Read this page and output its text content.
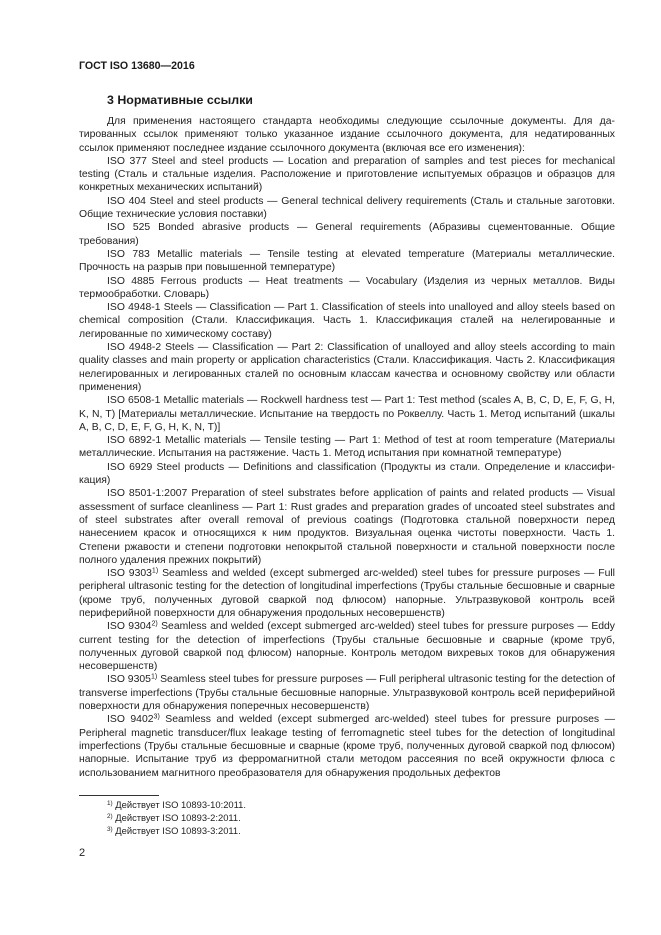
ГОСТ ISO 13680—2016
3 Нормативные ссылки

Для применения настоящего стандарта необходимы следующие ссылочные документы. Для датированных ссылок применяют только указанное издание ссылочного документа, для недатированных ссылок применяют последнее издание ссылочного документа (включая все его изменения):

ISO 377 Steel and steel products — Location and preparation of samples and test pieces for mechanical testing (Сталь и стальные изделия. Расположение и приготовление испытуемых образцов и образцов для конкретных механических испытаний)

ISO 404 Steel and steel products — General technical delivery requirements (Сталь и стальные заготовки. Общие технические условия поставки)

ISO 525 Bonded abrasive products — General requirements (Абразивы сцементованные. Общие требования)

ISO 783 Metallic materials — Tensile testing at elevated temperature (Материалы металлические. Прочность на разрыв при повышенной температуре)

ISO 4885 Ferrous products — Heat treatments — Vocabulary (Изделия из черных металлов. Виды термообработки. Словарь)

ISO 4948-1 Steels — Classification — Part 1. Classification of steels into unalloyed and alloy steels based on chemical composition (Стали. Классификация. Часть 1. Классификация сталей на нелегированные и легированные по химическому составу)

ISO 4948-2 Steels — Classification — Part 2: Classification of unalloyed and alloy steels according to main quality classes and main property or application characteristics (Стали. Классификация. Часть 2. Классификация нелегированных и легированных сталей по основным классам качества и основному свойству или области применения)

ISO 6508-1 Metallic materials — Rockwell hardness test — Part 1: Test method (scales A, B, C, D, E, F, G, H, K, N, T) [Материалы металлические. Испытание на твердость по Роквеллу. Часть 1. Метод испытаний (шкалы A, B, C, D, E, F, G, H, K, N, T)]

ISO 6892-1 Metallic materials — Tensile testing — Part 1: Method of test at room temperature (Материалы металлические. Испытания на растяжение. Часть 1. Метод испытания при комнатной температуре)

ISO 6929 Steel products — Definitions and classification (Продукты из стали. Определение и классификация)

ISO 8501-1:2007 Preparation of steel substrates before application of paints and related products — Visual assessment of surface cleanliness — Part 1: Rust grades and preparation grades of uncoated steel substrates and of steel substrates after overall removal of previous coatings (Подготовка стальной поверхности перед нанесением красок и относящихся к ним продуктов. Визуальная оценка чистоты поверхности. Часть 1. Степени ржавости и степени подготовки непокрытой стальной поверхности и стальной поверхности после полного удаления прежних покрытий)

ISO 9303$^{1)}$ Seamless and welded (except submerged arc-welded) steel tubes for pressure purposes — Full peripheral ultrasonic testing for the detection of longitudinal imperfections (Трубы стальные бесшовные и сварные (кроме труб, полученных дуговой сваркой под флюсом) напорные. Ультразвуковой контроль всей периферийной поверхности для обнаружения продольных несовершенств)

ISO 9304$^{2)}$ Seamless and welded (except submerged arc-welded) steel tubes for pressure purposes — Eddy current testing for the detection of imperfections (Трубы стальные бесшовные и сварные (кроме труб, полученных дуговой сваркой под флюсом) напорные. Контроль методом вихревых токов для обнаружения несовершенств)

ISO 9305$^{1)}$ Seamless steel tubes for pressure purposes — Full peripheral ultrasonic testing for the detection of transverse imperfections (Трубы стальные бесшовные напорные. Ультразвуковой контроль всей периферийной поверхности для обнаружения поперечных несовершенств)

ISO 9402$^{3)}$ Seamless and welded (except submerged arc-welded) steel tubes for pressure purposes — Peripheral magnetic transducer/flux leakage testing of ferromagnetic steel tubes for the detection of longitudinal imperfections (Трубы стальные бесшовные и сварные (кроме труб, полученных дуговой сваркой под флюсом) напорные. Испытание труб из ферромагнитной стали методом рассеяния по всей окружности флюса с использованием магнитного преобразователя для обнаружения продольных дефектов

$^{1)}$ Действует ISO 10893-10:2011.

$^{2)}$ Действует ISO 10893-2:2011.

$^{3)}$ Действует ISO 10893-3:2011.

2
